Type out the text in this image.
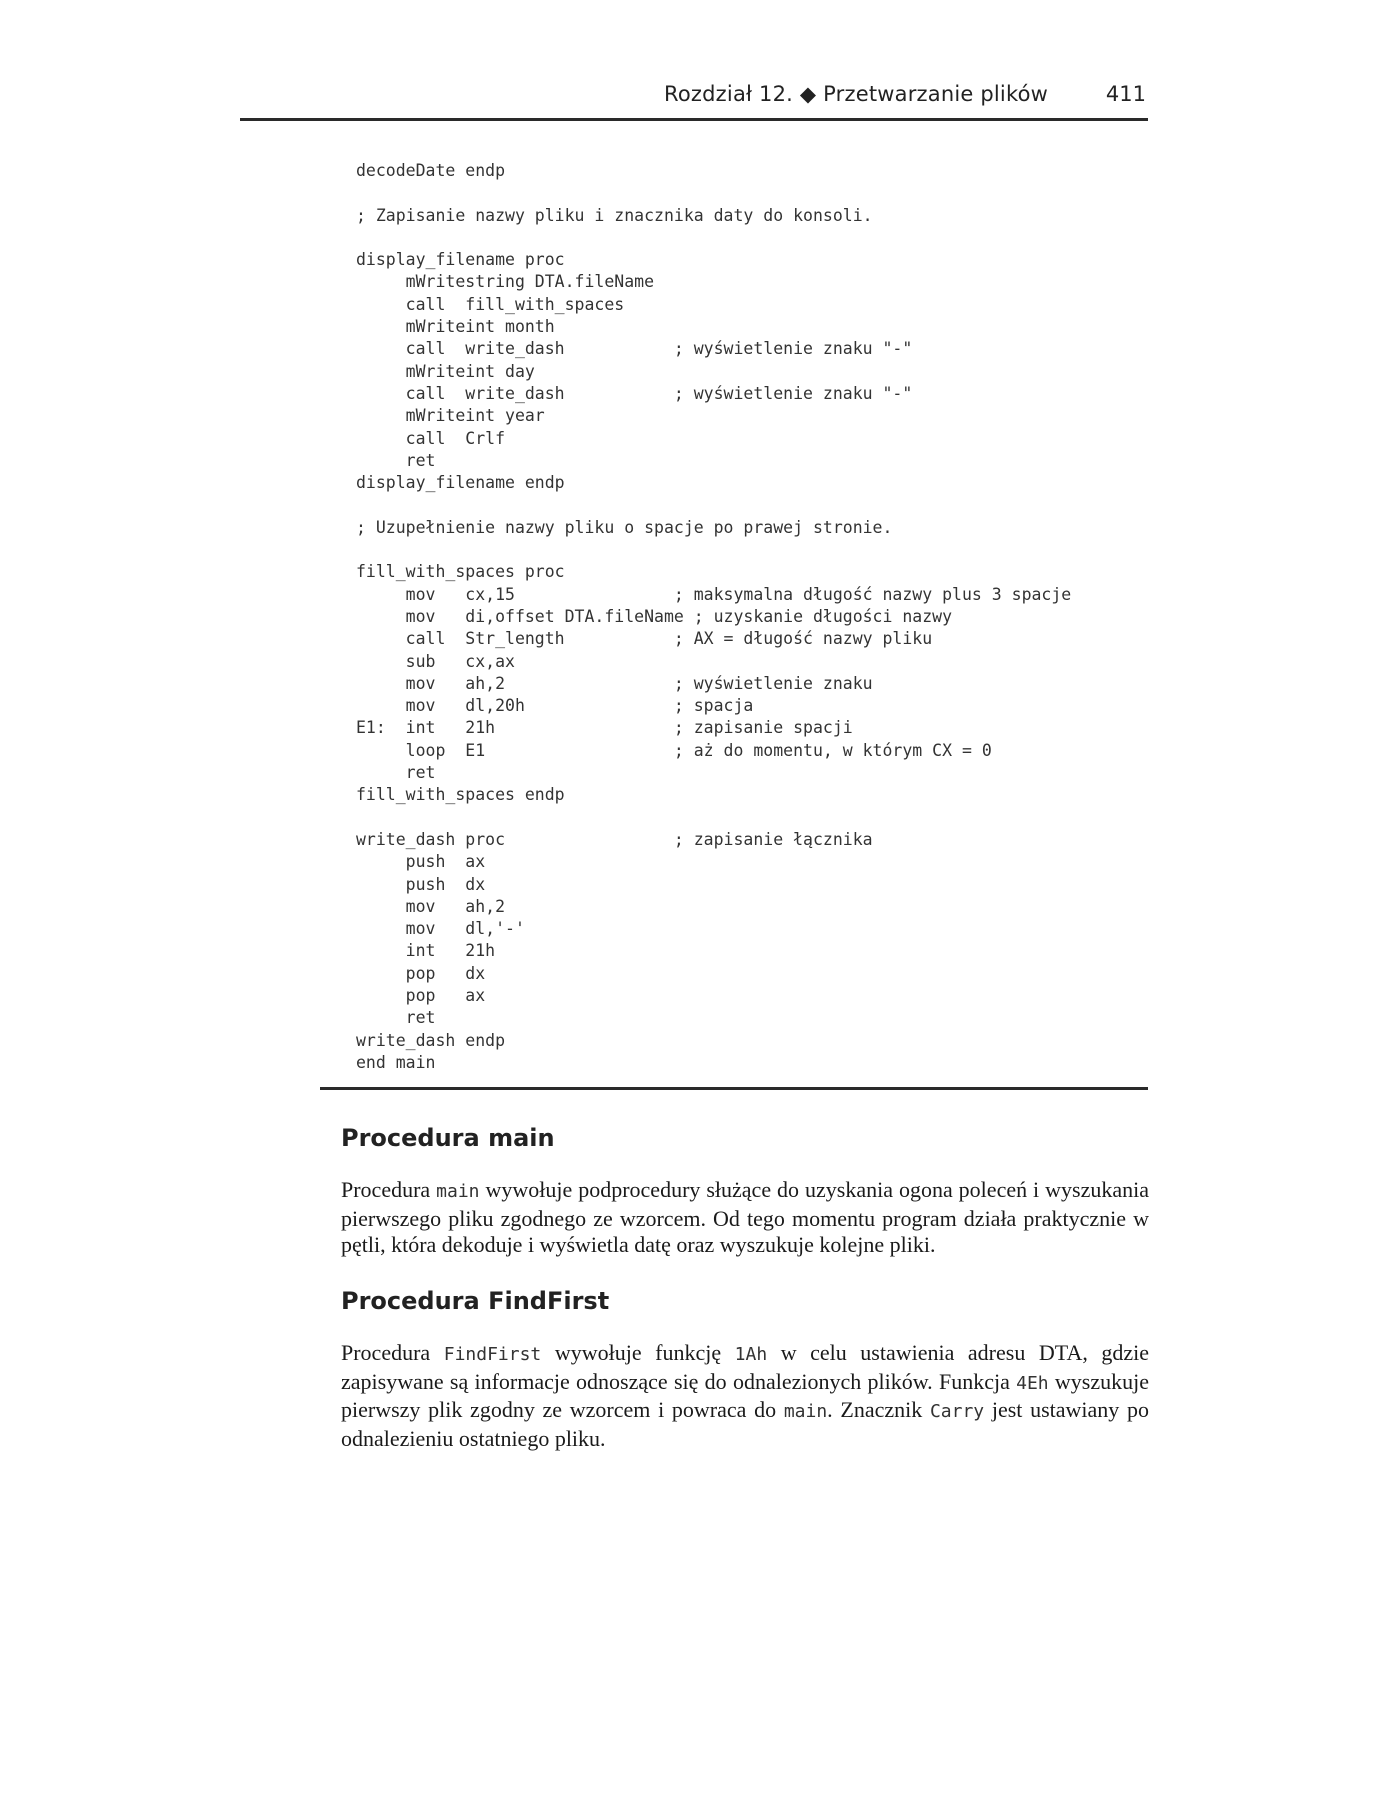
Rozdział 12. ◆ Przetwarzanie plików	411
decodeDate endp

; Zapisanie nazwy pliku i znacznika daty do konsoli.

display_filename proc
mWritestring DTA.fileName
call  fill_with_spaces
mWriteint month
call  write_dash           ; wyświetlenie znaku "-"
mWriteint day
call  write_dash           ; wyświetlenie znaku "-"
mWriteint year
call  Crlf
ret
display_filename endp

; Uzupełnienie nazwy pliku o spacje po prawej stronie.

fill_with_spaces proc
mov   cx,15                ; maksymalna długość nazwy plus 3 spacje
mov   di,offset DTA.fileName ; uzyskanie długości nazwy
call  Str_length           ; AX = długość nazwy pliku
sub   cx,ax
mov   ah,2                 ; wyświetlenie znaku
mov   dl,20h               ; spacja
E1:  int   21h                  ; zapisanie spacji
loop  E1                   ; aż do momentu, w którym CX = 0
ret
fill_with_spaces endp

write_dash proc                 ; zapisanie łącznika
push  ax
push  dx
mov   ah,2
mov   dl,'-'
int   21h
pop   dx
pop   ax
ret
write_dash endp
end main
Procedura main

Procedura main wywołuje podprocedury służące do uzyskania ogona poleceń i wyszukania pierwszego pliku zgodnego ze wzorcem. Od tego momentu program działa praktycznie w pętli, która dekoduje i wyświetla datę oraz wyszukuje kolejne pliki.

Procedura FindFirst

Procedura FindFirst wywołuje funkcję 1Ah w celu ustawienia adresu DTA, gdzie zapisywane są informacje odnoszące się do odnalezionych plików. Funkcja 4Eh wyszukuje pierwszy plik zgodny ze wzorcem i powraca do main. Znacznik Carry jest ustawiany po odnalezieniu ostatniego pliku.
